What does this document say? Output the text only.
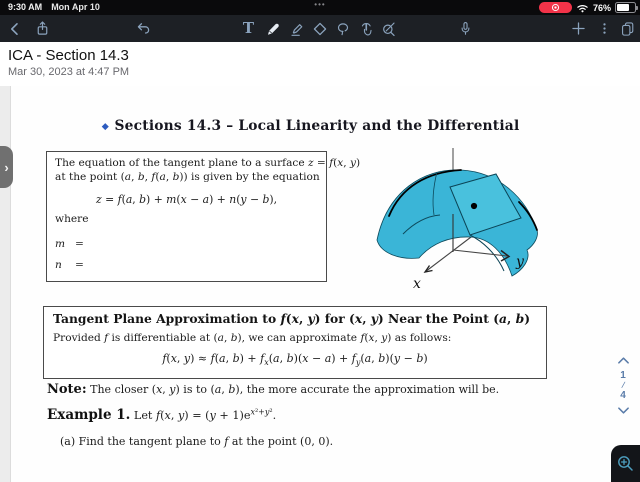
9:30 AM Mon Apr 10	•••	76%
T
ICA - Section 14.3
Mar 30, 2023 at 4:47 PM
›
Sections 14.3 – Local Linearity and the Differential
The equation of the tangent plane to a surface z = f(x, y)
at the point (a, b, f(a, b)) is given by the equation
z = f(a, b) + m(x − a) + n(y − b),
where
m =
n =
x
y
Tangent Plane Approximation to f(x, y) for (x, y) Near the Point (a, b)
Provided f is differentiable at (a, b), we can approximate f(x, y) as follows:
f(x, y) ≈ f(a, $b) + f_x(a$, $b)(x - a) + f_y(a$, b)(y − b)
Note: The closer (x, y) is to (a, b), the more accurate the approximation will be.
Example 1. Let f(x, $y) = (y + 1)e^{x^2+y^2}$.
(a) Find the tangent plane to f at the point (0, 0).
1
/
4
